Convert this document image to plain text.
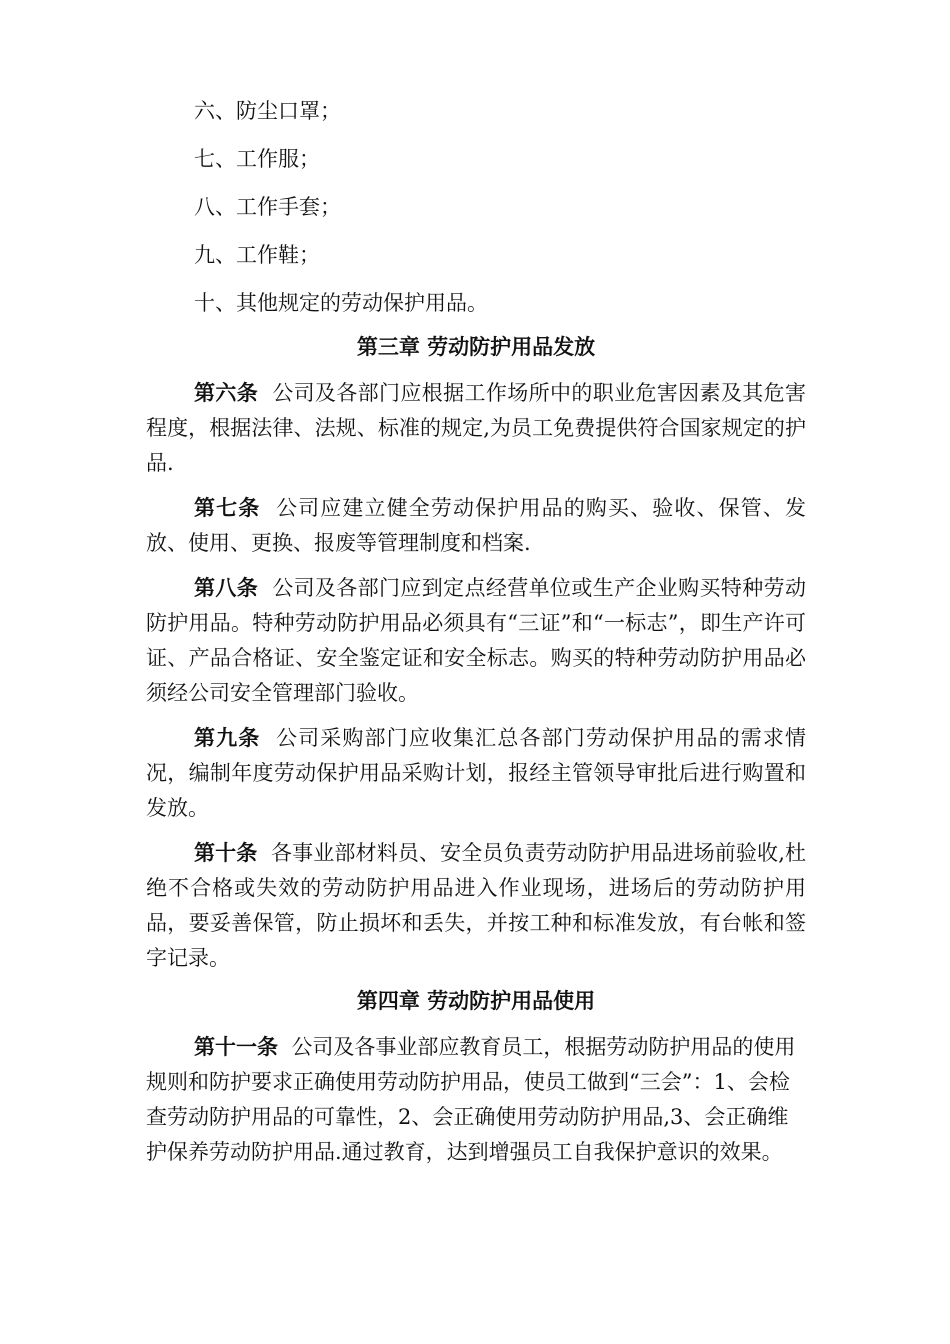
六、防尘口罩；
七、工作服；
八、工作手套；
九、工作鞋；
十、其他规定的劳动保护用品。
第三章 劳动防护用品发放

第六条 公司及各部门应根据工作场所中的职业危害因素及其危害程度，根据法律、法规、标准的规定,为员工免费提供符合国家规定的护品.

第七条 公司应建立健全劳动保护用品的购买、验收、保管、发放、使用、更换、报废等管理制度和档案.

第八条 公司及各部门应到定点经营单位或生产企业购买特种劳动防护用品。特种劳动防护用品必须具有“三证”和“一标志”，即生产许可证、产品合格证、安全鉴定证和安全标志。购买的特种劳动防护用品必须经公司安全管理部门验收。

第九条 公司采购部门应收集汇总各部门劳动保护用品的需求情况，编制年度劳动保护用品采购计划，报经主管领导审批后进行购置和发放。

第十条 各事业部材料员、安全员负责劳动防护用品进场前验收,杜绝不合格或失效的劳动防护用品进入作业现场，进场后的劳动防护用品，要妥善保管，防止损坏和丢失，并按工种和标准发放，有台帐和签字记录。

第四章 劳动防护用品使用

第十一条 公司及各事业部应教育员工，根据劳动防护用品的使用规则和防护要求正确使用劳动防护用品，使员工做到“三会”：1、会检查劳动防护用品的可靠性，2、会正确使用劳动防护用品,3、会正确维护保养劳动防护用品.通过教育，达到增强员工自我保护意识的效果。
